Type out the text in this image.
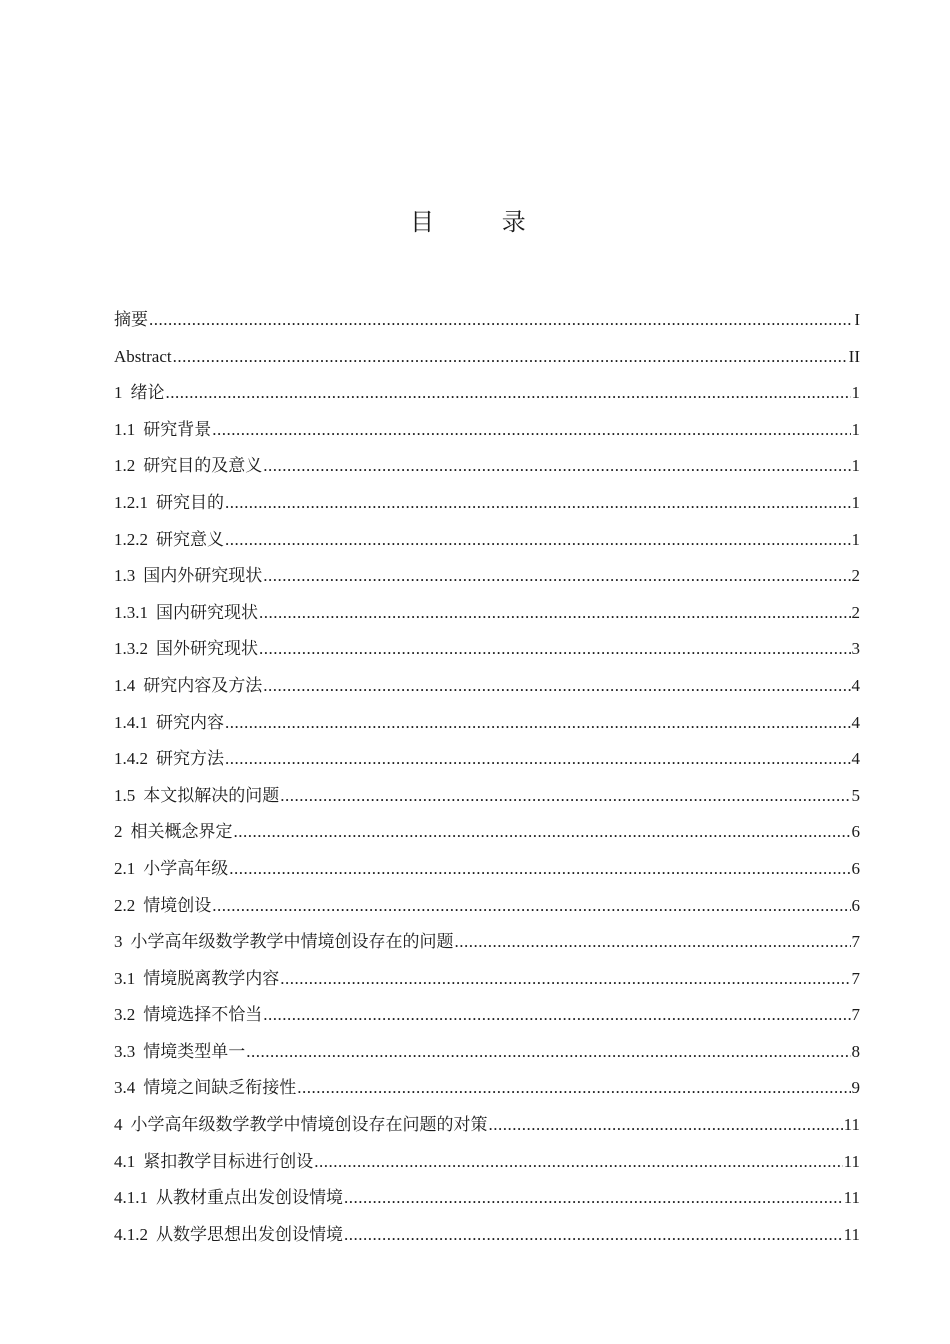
目 录
摘要 .....	I
Abstract .....	II
1 绪论 .....	1
1.1 研究背景 .....	1
1.2 研究目的及意义 .....	1
1.2.1 研究目的 .....	1
1.2.2 研究意义 .....	1
1.3 国内外研究现状 .....	2
1.3.1 国内研究现状 .....	2
1.3.2 国外研究现状 .....	3
1.4 研究内容及方法 .....	4
1.4.1 研究内容 .....	4
1.4.2 研究方法 .....	4
1.5 本文拟解决的问题 .....	5
2 相关概念界定 .....	6
2.1 小学高年级 .....	6
2.2 情境创设 .....	6
3 小学高年级数学教学中情境创设存在的问题 .....	7
3.1 情境脱离教学内容 .....	7
3.2 情境选择不恰当 .....	7
3.3 情境类型单一 .....	8
3.4 情境之间缺乏衔接性 .....	9
4 小学高年级数学教学中情境创设存在问题的对策 .....	11
4.1 紧扣教学目标进行创设 .....	11
4.1.1 从教材重点出发创设情境 .....	11
4.1.2 从数学思想出发创设情境 .....	11
